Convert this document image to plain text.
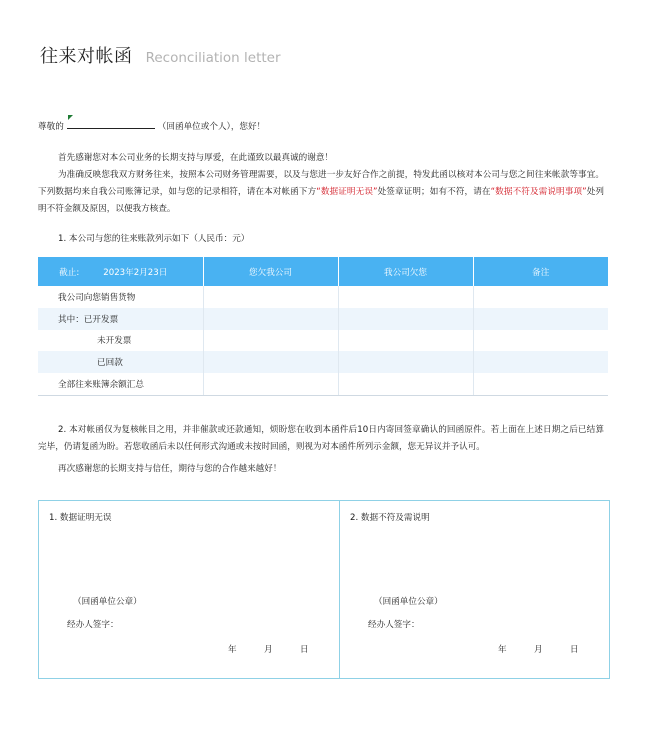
往来对帐函 Reconciliation letter
尊敬的	（回函单位或个人），您好！
首先感谢您对本公司业务的长期支持与厚爱，在此谨致以最真诚的谢意！
为准确反映您我双方财务往来，按照本公司财务管理需要，以及与您进一步友好合作之前提，特发此函以核对本公司与您之间往来帐款等事宜。下列数据均来自我公司账簿记录，如与您的记录相符，请在本对帐函下方“数据证明无误”处签章证明；如有不符，请在“数据不符及需说明事项”处列明不符金额及原因，以便我方核查。
1. 本公司与您的往来账款列示如下（人民币：元）
截止: 2023年2月23日	您欠我公司	我公司欠您	备注
我公司向您销售货物			
其中：已开发票			
未开发票			
已回款			
全部往来账簿余额汇总			
2. 本对帐函仅为复核帐目之用，并非催款或还款通知，烦盼您在收到本函件后10日内寄回签章确认的回函原件。若上面在上述日期之后已结算完毕，仍请复函为盼。若您收函后未以任何形式沟通或未按时回函，则视为对本函件所列示金额，您无异议并予认可。
再次感谢您的长期支持与信任，期待与您的合作越来越好！
1. 数据证明无误
（回函单位公章）
经办人签字：
年	月	日
2. 数据不符及需说明
（回函单位公章）
经办人签字：
年	月	日
